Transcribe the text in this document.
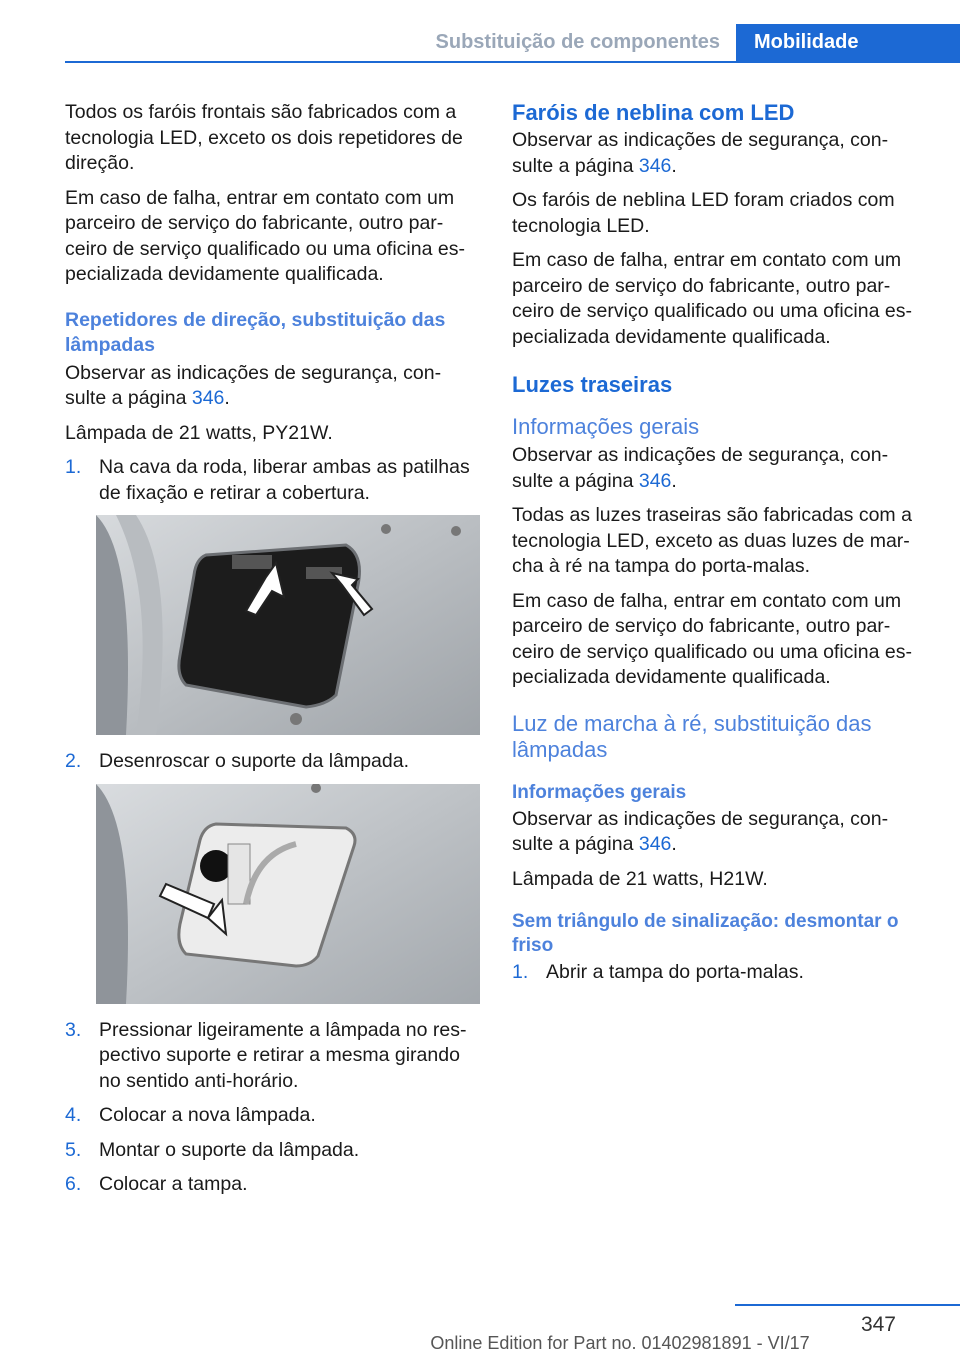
Substituição de componentes	Mobilidade

Todos os faróis frontais são fabricados com a tecnologia LED, exceto os dois repetidores de direção.

Em caso de falha, entrar em contato com um parceiro de serviço do fabricante, outro par-ceiro de serviço qualificado ou uma oficina es-pecializada devidamente qualificada.

Repetidores de direção, substituição das lâmpadas

Observar as indicações de segurança, con-sulte a página 346.

Lâmpada de 21 watts, PY21W.

1. Na cava da roda, liberar ambas as patilhas de fixação e retirar a cobertura.
2. Desenroscar o suporte da lâmpada.
3. Pressionar ligeiramente a lâmpada no res-pectivo suporte e retirar a mesma girando no sentido anti-horário.
4. Colocar a nova lâmpada.
5. Montar o suporte da lâmpada.
6. Colocar a tampa.
Faróis de neblina com LED

Observar as indicações de segurança, con-sulte a página 346.

Os faróis de neblina LED foram criados com tecnologia LED.

Em caso de falha, entrar em contato com um parceiro de serviço do fabricante, outro par-ceiro de serviço qualificado ou uma oficina es-pecializada devidamente qualificada.

Luzes traseiras
Informações gerais

Observar as indicações de segurança, con-sulte a página 346.

Todas as luzes traseiras são fabricadas com a tecnologia LED, exceto as duas luzes de mar-cha à ré na tampa do porta-malas.

Em caso de falha, entrar em contato com um parceiro de serviço do fabricante, outro par-ceiro de serviço qualificado ou uma oficina es-pecializada devidamente qualificada.

Luz de marcha à ré, substituição das lâmpadas
Informações gerais

Observar as indicações de segurança, con-sulte a página 346.

Lâmpada de 21 watts, H21W.

Sem triângulo de sinalização: desmontar o friso
1. Abrir a tampa do porta-malas.
347
Online Edition for Part no. 01402981891 - VI/17
